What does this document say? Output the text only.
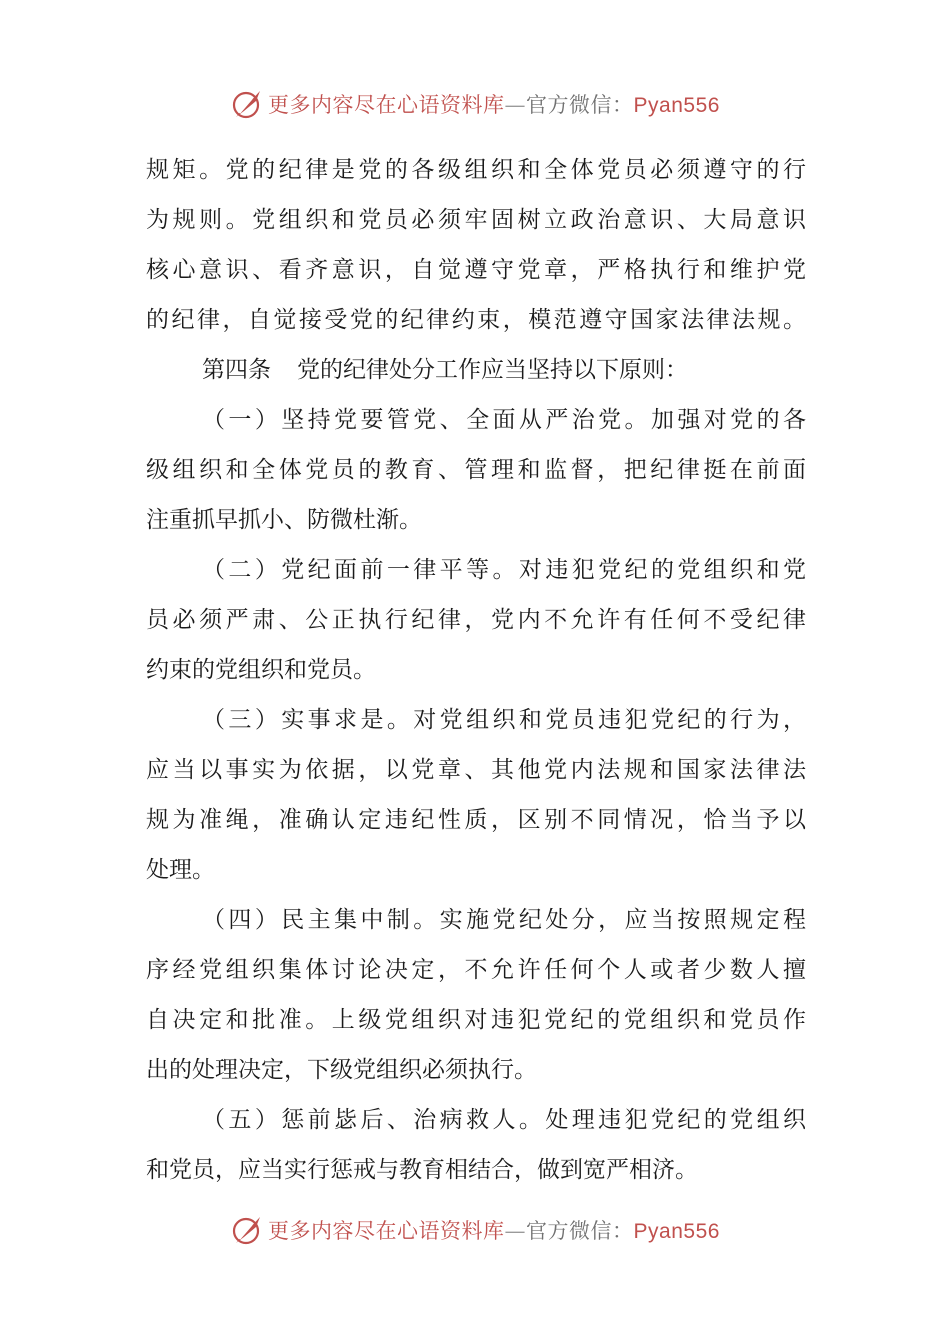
更多内容尽在心语资料库—官方微信：Pyan556
规矩。党的纪律是党的各级组织和全体党员必须遵守的行
为规则。党组织和党员必须牢固树立政治意识、大局意识
核心意识、看齐意识，自觉遵守党章，严格执行和维护党
的纪律，自觉接受党的纪律约束，模范遵守国家法律法规。
第四条 党的纪律处分工作应当坚持以下原则：
（一）坚持党要管党、全面从严治党。加强对党的各
级组织和全体党员的教育、管理和监督，把纪律挺在前面
注重抓早抓小、防微杜渐。
（二）党纪面前一律平等。对违犯党纪的党组织和党
员必须严肃、公正执行纪律，党内不允许有任何不受纪律
约束的党组织和党员。
（三）实事求是。对党组织和党员违犯党纪的行为，
应当以事实为依据，以党章、其他党内法规和国家法律法
规为准绳，准确认定违纪性质，区别不同情况，恰当予以
处理。
（四）民主集中制。实施党纪处分，应当按照规定程
序经党组织集体讨论决定，不允许任何个人或者少数人擅
自决定和批准。上级党组织对违犯党纪的党组织和党员作
出的处理决定，下级党组织必须执行。
（五）惩前毖后、治病救人。处理违犯党纪的党组织
和党员，应当实行惩戒与教育相结合，做到宽严相济。
更多内容尽在心语资料库—官方微信：Pyan556
